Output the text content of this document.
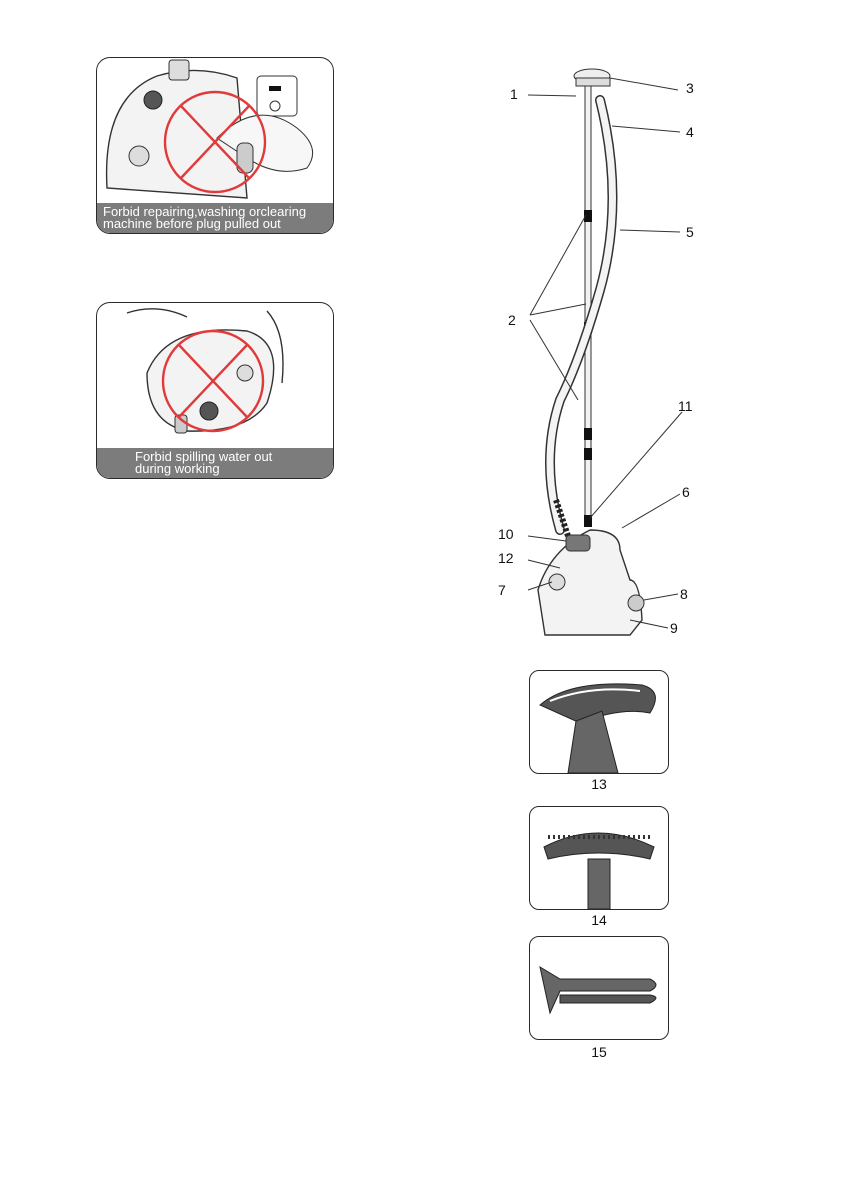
Forbid repairing,washing orclearing
machine before plug pulled out
Forbid spilling water out
during working
1
2
3
4
5
6
7	8
9
10
11
12
13
14
15
